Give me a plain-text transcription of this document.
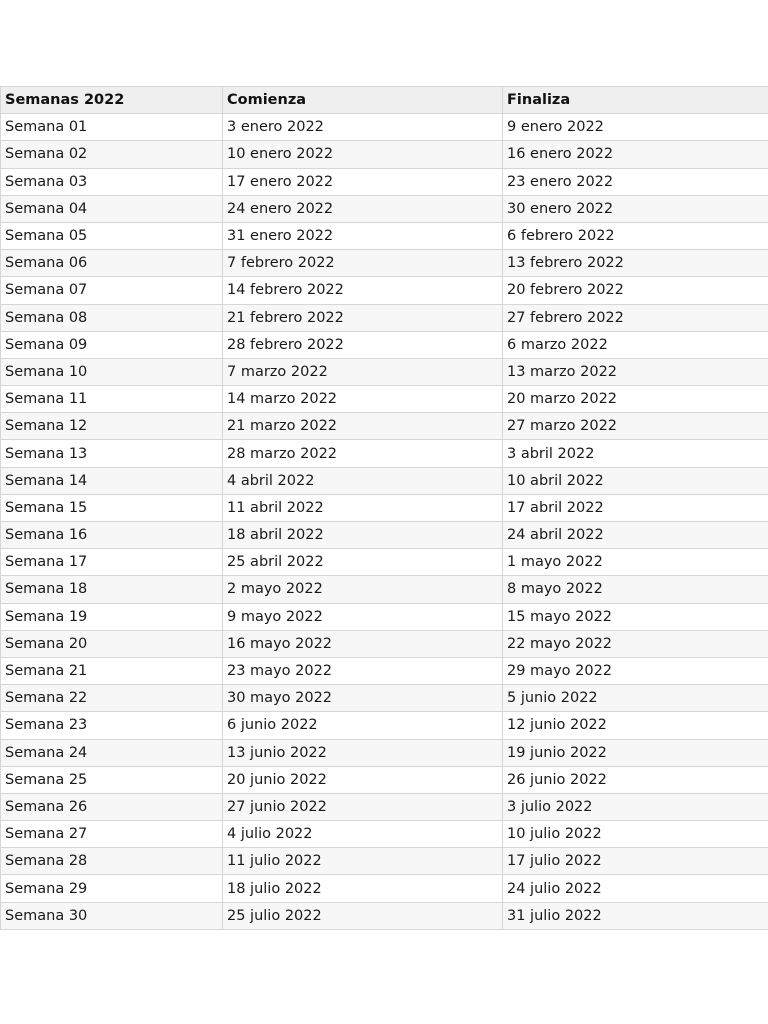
Semanas 2022	Comienza	Finaliza
Semana 01	3 enero 2022	9 enero 2022
Semana 02	10 enero 2022	16 enero 2022
Semana 03	17 enero 2022	23 enero 2022
Semana 04	24 enero 2022	30 enero 2022
Semana 05	31 enero 2022	6 febrero 2022
Semana 06	7 febrero 2022	13 febrero 2022
Semana 07	14 febrero 2022	20 febrero 2022
Semana 08	21 febrero 2022	27 febrero 2022
Semana 09	28 febrero 2022	6 marzo 2022
Semana 10	7 marzo 2022	13 marzo 2022
Semana 11	14 marzo 2022	20 marzo 2022
Semana 12	21 marzo 2022	27 marzo 2022
Semana 13	28 marzo 2022	3 abril 2022
Semana 14	4 abril 2022	10 abril 2022
Semana 15	11 abril 2022	17 abril 2022
Semana 16	18 abril 2022	24 abril 2022
Semana 17	25 abril 2022	1 mayo 2022
Semana 18	2 mayo 2022	8 mayo 2022
Semana 19	9 mayo 2022	15 mayo 2022
Semana 20	16 mayo 2022	22 mayo 2022
Semana 21	23 mayo 2022	29 mayo 2022
Semana 22	30 mayo 2022	5 junio 2022
Semana 23	6 junio 2022	12 junio 2022
Semana 24	13 junio 2022	19 junio 2022
Semana 25	20 junio 2022	26 junio 2022
Semana 26	27 junio 2022	3 julio 2022
Semana 27	4 julio 2022	10 julio 2022
Semana 28	11 julio 2022	17 julio 2022
Semana 29	18 julio 2022	24 julio 2022
Semana 30	25 julio 2022	31 julio 2022
